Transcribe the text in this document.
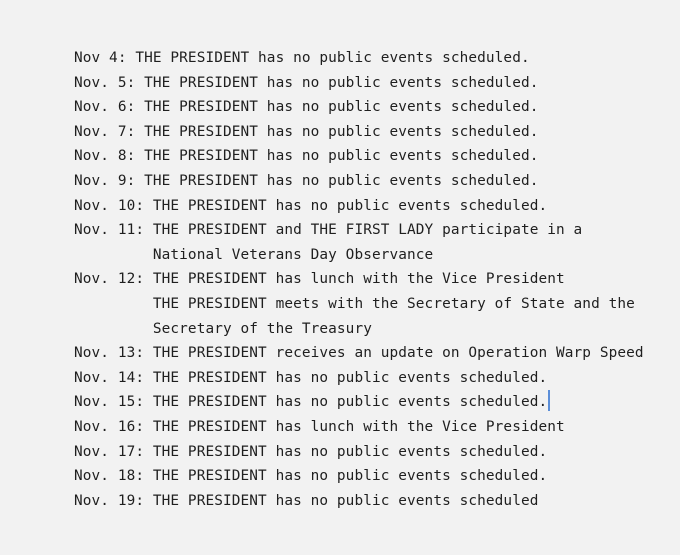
Nov 4: THE PRESIDENT has no public events scheduled.
Nov. 5: THE PRESIDENT has no public events scheduled.
Nov. 6: THE PRESIDENT has no public events scheduled.
Nov. 7: THE PRESIDENT has no public events scheduled.
Nov. 8: THE PRESIDENT has no public events scheduled.
Nov. 9: THE PRESIDENT has no public events scheduled.
Nov. 10: THE PRESIDENT has no public events scheduled.
Nov. 11: THE PRESIDENT and THE FIRST LADY participate in a
National Veterans Day Observance
Nov. 12: THE PRESIDENT has lunch with the Vice President
THE PRESIDENT meets with the Secretary of State and the
Secretary of the Treasury
Nov. 13: THE PRESIDENT receives an update on Operation Warp Speed
Nov. 14: THE PRESIDENT has no public events scheduled.
Nov. 15: THE PRESIDENT has no public events scheduled.
Nov. 16: THE PRESIDENT has lunch with the Vice President
Nov. 17: THE PRESIDENT has no public events scheduled.
Nov. 18: THE PRESIDENT has no public events scheduled.
Nov. 19: THE PRESIDENT has no public events scheduled
